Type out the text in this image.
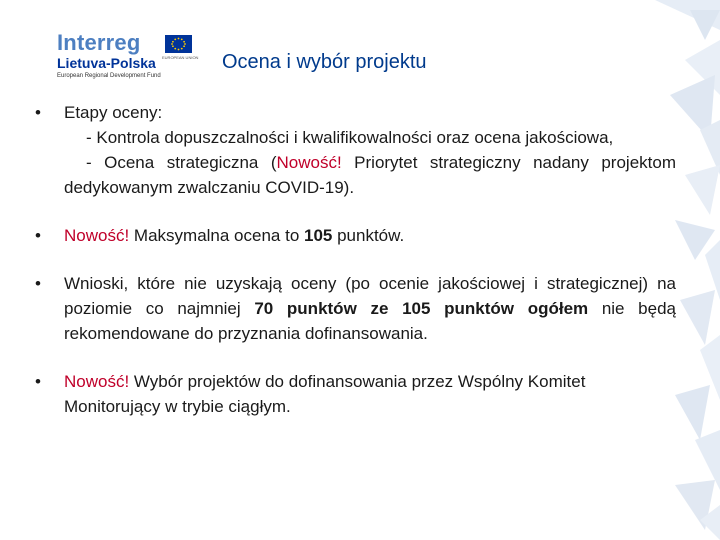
Interreg
Lietuva-Polska
European Regional Development Fund
EUROPEAN UNION Ocena i wybór projektu
• Etapy oceny:
- Kontrola dopuszczalności i kwalifikowalności oraz ocena jakościowa,
- Ocena strategiczna (Nowość! Priorytet strategiczny nadany projektom dedykowanym zwalczaniu COVID-19).
• Nowość! Maksymalna ocena to 105 punktów.
• Wnioski, które nie uzyskają oceny (po ocenie jakościowej i strategicznej) na poziomie co najmniej 70 punktów ze 105 punktów ogółem nie będą rekomendowane do przyznania dofinansowania.
• Nowość! Wybór projektów do dofinansowania przez Wspólny Komitet Monitorujący w trybie ciągłym.
